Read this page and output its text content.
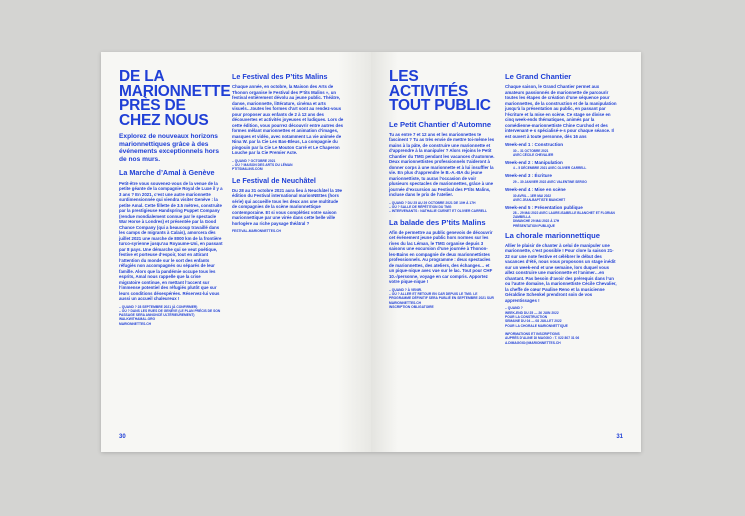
DE LA MARIONNETTE PRÈS DE CHEZ NOUS
Explorez de nouveaux horizons marionnettiques grâce à des événements exceptionnels hors de nos murs.
La Marche d’Amal à Genève

Petit-être vous souvenez-vous de la venue de la petite géante de la compagnie Royal de Luxe il y a 3 ans ? En 2021, c’est une autre marionnette surdimensionnée qui viendra visiter Genève : la petite Amal. Cette fillette de 3.5 mètres, construite par la prestigieuse Handspring Puppet Company (rendue mondialement connue par le spectacle War Horse à Londres) et présentée par la Good Chance Company (qui a beaucoup travaillé dans les camps de migrants à Calais), amorcera dès juillet 2021 une marche de 8000 km de la frontière turco-syrienne jusqu’au Royaume-Uni, en passant par 8 pays. Une démarche qui se veut poétique, festive et porteuse d’espoir, tout en attirant l’attention du monde sur le sort des enfants réfugiés non accompagnés ou séparés de leur famille. Alors que la pandémie occupe tous les esprits, Amal nous rappelle que la crise migratoire continue, en mettant l’accent sur l’immense potentiel des réfugiés plutôt que sur leurs conditions désespérées. Réservez-lui vous aussi un accueil chaleureux !

– QUAND ? 28 SEPTEMBRE 2021 (À CONFIRMER)
– OÙ ? DANS LES RUES DE GENÈVE (LE PLAN PRÉCIS DE SON PASSAGE SERA ANNONCÉ ULTÉRIEUREMENT)
WALKWITHAMAL.ORG
MARIONNETTES.CH
Le Festival des P’tits Malins

Chaque année, en octobre, la Maison des Arts de Thonon organise le Festival des P’tits Malins », un festival entièrement dévolu au jeune public. Théâtre, danse, marionnette, littérature, cinéma et arts visuels…toutes les formes d’art sont au rendez-vous pour proposer aux enfants de 2 à 12 ans des découvertes et activités joyeuses et ludiques. Lors de cette édition, vous pourrez découvrir entre autres des formes mêlant marionnettes et animation d’images, masques et vidéo, avec notamment La vie animée de Nina W. par la Cie Les Bas-Bleus, La compagnie du pingouin par la Cie Le Mouton Carré et Le Chaperon Louche par la Cie Premier Acte.

– QUAND ? OCTOBRE 2021
– OÙ ? MAISON DES ARTS DU LÉMAN
PTITSMALINS.COM
Le Festival de Neuchâtel

Du 28 au 31 octobre 2021 aura lieu à Neuchâtel la 19e édition du Festival international marionNEttes (hors série) qui accueille tous les deux ans une multitude de compagnies de la scène marionnettique contemporaine. Et si vous complétiez votre saison marionnettique par une virée dans cette belle ville horlogère au riche paysage théâtral ?

FESTIVAL-MARIONNETTES.CH
30
LES ACTIVITÉS TOUT PUBLIC
Le Petit Chantier d’Automne

Tu as entre 7 et 12 ans et les marionnettes te fascinent ? Tu as très envie de mettre toi-même les mains à la pâte, de construire une marionnette et d’apprendre à la manipuler ? Alors rejoins le Petit Chantier du TMG pendant les vacances d’automne. Deux marionnettistes professionnels t’aideront à donner corps à une marionnette et à lui insuffler la vie. En plus d’apprendre le B.-A.-BA du jeune marionnettiste, tu auras l’occasion de voir plusieurs spectacles de marionnettes, grâce à une journée d’excursion au Festival des P’tits Malins, incluse dans le prix de l’atelier.

– QUAND ? DU 25 AU 29 OCTOBRE 2021 DE 10H À 17H
– OÙ ? SALLE DE RÉPÉTITION DU TMG
– INTERVENANTS : NATHALIE CUENET ET OLIVIER CARRELL
La balade des P’tits Malins

Afin de permettre au public genevois de découvrir cet événement jeune public hors normes sur les rives du lac Léman, le TMG organise depuis 3 saisons une excursion d’une journée à Thonon-les-Bains en compagnie de deux marionnettistes professionnels. Au programme : deux spectacles de marionnettes, des ateliers, des échanges… et un pique-nique avec vue sur le lac. Tout pour CHF 10.-/personne, voyage en car compris. Apportez votre pique-nique !

– QUAND ? À VENIR.
– OÙ ? ALLER ET RETOUR EN CAR DEPUIS LE TMG. LE PROGRAMME DÉFINITIF SERA PUBLIÉ EN SEPTEMBRE 2021 SUR MARIONNETTES.CH
INSCRIPTION OBLIGATOIRE
Le Grand Chantier

Chaque saison, le Grand Chantier permet aux amateurs passionnés de marionnette de parcourir toutes les étapes de création d’une séquence pour marionnettes, de la construction et de la manipulation jusqu’à la présentation au public, en passant par l’écriture et la mise en scène. Ce stage se divise en cinq week-ends thématiques, animés par la comédienne-marionnettiste Chine Curchod et des intervenant·e·s spécialisé·e·s pour chaque séance. Il est ouvert à toute personne, dès 16 ans

Week-end 1 : Construction
30 – 31 OCTOBRE 2021
AVEC CÉCILE CHEVALIER
Week-end 2 : Manipulation
4 – 5 DÉCEMBRE 2021 AVEC OLIVIER CARRELL
Week-end 3 : Écriture
29 – 30 JANVIER 2022 AVEC VALENTINE SERGO
Week-end 4 : Mise en scène
30 AVRIL – 1ER MAI 2022
AVEC JEAN-BAPTISTE BIANCHET
Week-end 5 : Présentation publique
28 – 29 MAI 2022 AVEC LAURE-ISABELLE BLANCHET ET FLORIAN ZAMBELLA
DIMANCHE 29 MAI 2022 À 17H
PRÉSENTATION PUBLIQUE
La chorale marionnettique

Allier le plaisir de chanter à celui de manipuler une marionnette, c’est possible ! Pour clore la saison 21-22 sur une note festive et célébrer le début des vacances d’été, nous vous proposons un stage inédit sur un week-end et une semaine, lors duquel vous allez construire une marionnette et l’animer…en chantant. Pas besoin d’avoir des prérequis dans l’un ou l’autre domaine, la marionnettiste Cécile Chevalier, la cheffe de cœur Pauline Reno et la musicienne Géraldine Schenkel prendront soin de vos apprentissages !

– QUAND ?
WEEK-END DU 25 — 26 JUIN 2022
POUR LA CONSTRUCTION
SEMAINE DU 04 — 08 JUILLET 2022
POUR LA CHORALE MARIONNETTIQUE

INFORMATIONS ET INSCRIPTIONS
AUPRÈS D’ALINE DI MAGGIO : T. 022 807 31 06
A.DIMAGGIO@MARIONNETTES.CH
31
